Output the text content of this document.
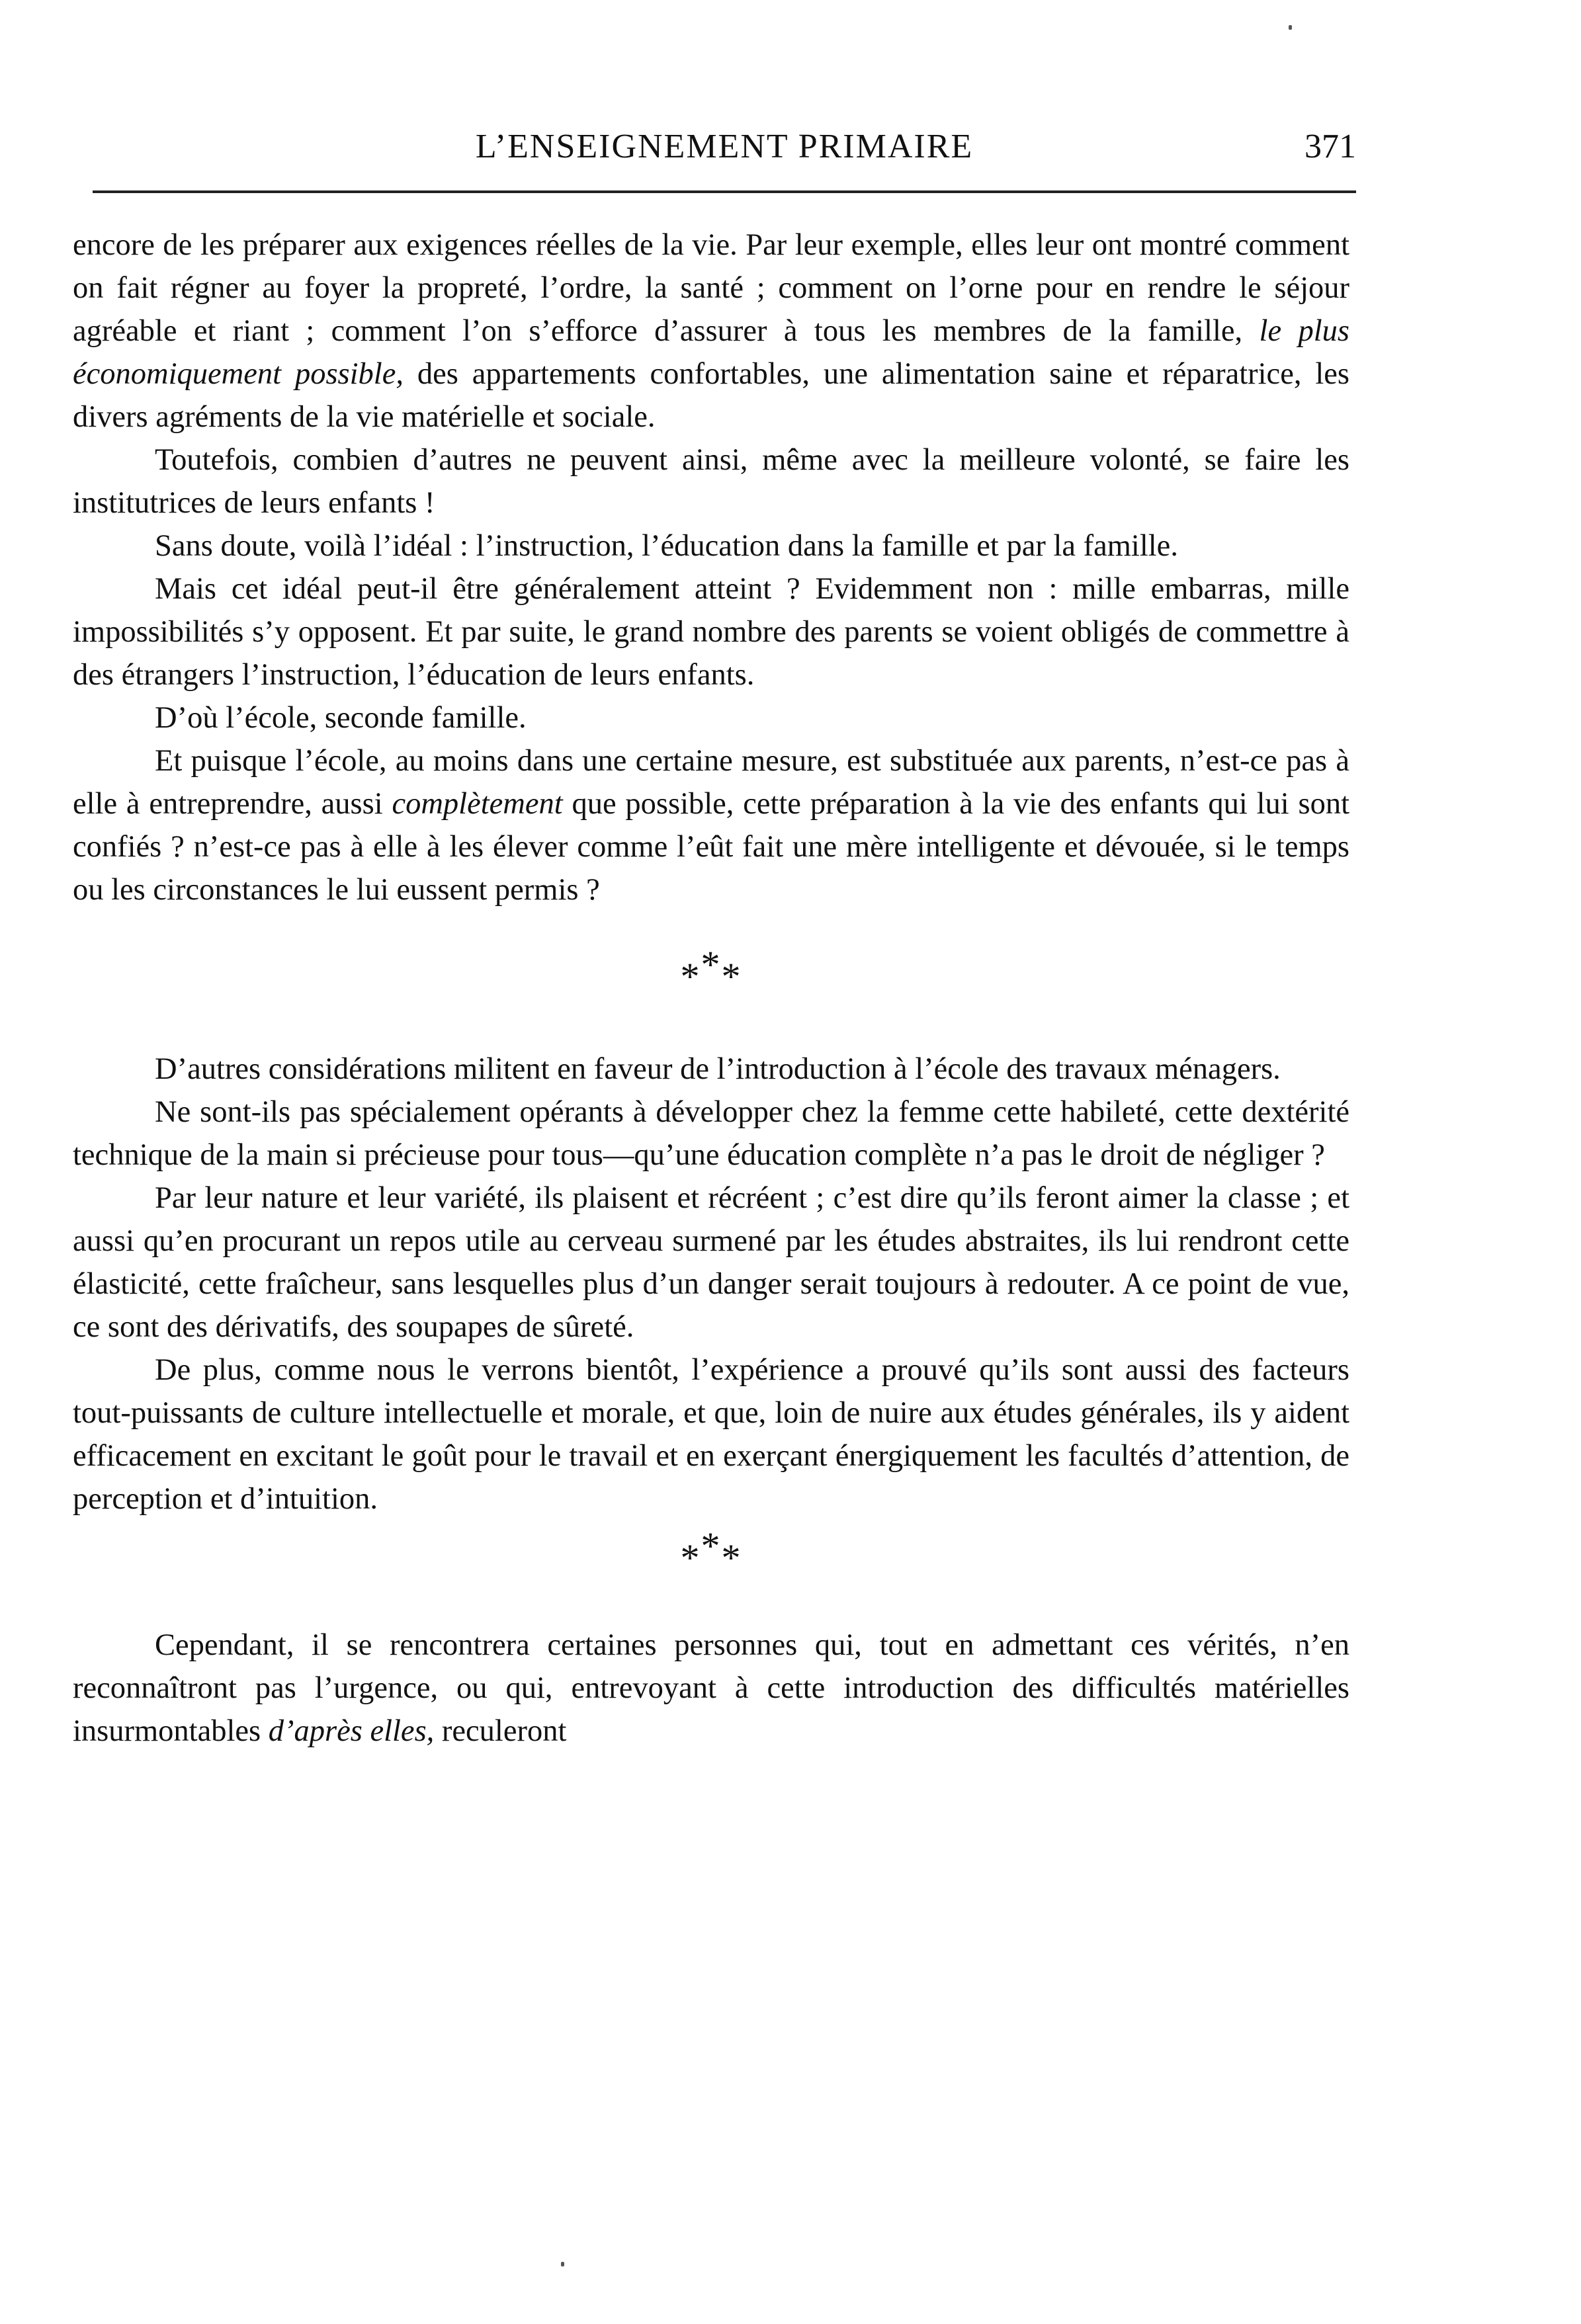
L’ENSEIGNEMENT PRIMAIRE	371

encore de les préparer aux exigences réelles de la vie. Par leur exemple, elles leur ont montré comment on fait régner au foyer la propreté, l’ordre, la santé ; comment on l’orne pour en rendre le séjour agréable et riant ; comment l’on s’efforce d’assurer à tous les membres de la famille, le plus économiquement possible, des appartements confortables, une alimentation saine et réparatrice, les divers agréments de la vie matérielle et sociale.

Toutefois, combien d’autres ne peuvent ainsi, même avec la meilleure volonté, se faire les institutrices de leurs enfants !

Sans doute, voilà l’idéal : l’instruction, l’éducation dans la famille et par la famille.

Mais cet idéal peut-il être généralement atteint ? Evidemment non : mille embarras, mille impossibilités s’y opposent. Et par suite, le grand nombre des parents se voient obligés de commettre à des étrangers l’instruction, l’éducation de leurs enfants.

D’où l’école, seconde famille.

Et puisque l’école, au moins dans une certaine mesure, est substituée aux parents, n’est-ce pas à elle à entreprendre, aussi complètement que possible, cette préparation à la vie des enfants qui lui sont confiés ? n’est-ce pas à elle à les élever comme l’eût fait une mère intelligente et dévouée, si le temps ou les circonstances le lui eussent permis ?

***

D’autres considérations militent en faveur de l’introduction à l’école des travaux ménagers.

Ne sont-ils pas spécialement opérants à développer chez la femme cette habileté, cette dextérité technique de la main si précieuse pour tous—qu’une éducation complète n’a pas le droit de négliger ?

Par leur nature et leur variété, ils plaisent et récréent ; c’est dire qu’ils feront aimer la classe ; et aussi qu’en procurant un repos utile au cerveau surmené par les études abstraites, ils lui rendront cette élasticité, cette fraîcheur, sans lesquelles plus d’un danger serait toujours à redouter. A ce point de vue, ce sont des dérivatifs, des soupapes de sûreté.

De plus, comme nous le verrons bientôt, l’expérience a prouvé qu’ils sont aussi des facteurs tout-puissants de culture intellectuelle et morale, et que, loin de nuire aux études générales, ils y aident efficacement en excitant le goût pour le travail et en exerçant énergiquement les facultés d’attention, de perception et d’intuition.

***

Cependant, il se rencontrera certaines personnes qui, tout en admettant ces vérités, n’en reconnaîtront pas l’urgence, ou qui, entrevoyant à cette introduction des difficultés matérielles insurmontables d’après elles, reculeront
